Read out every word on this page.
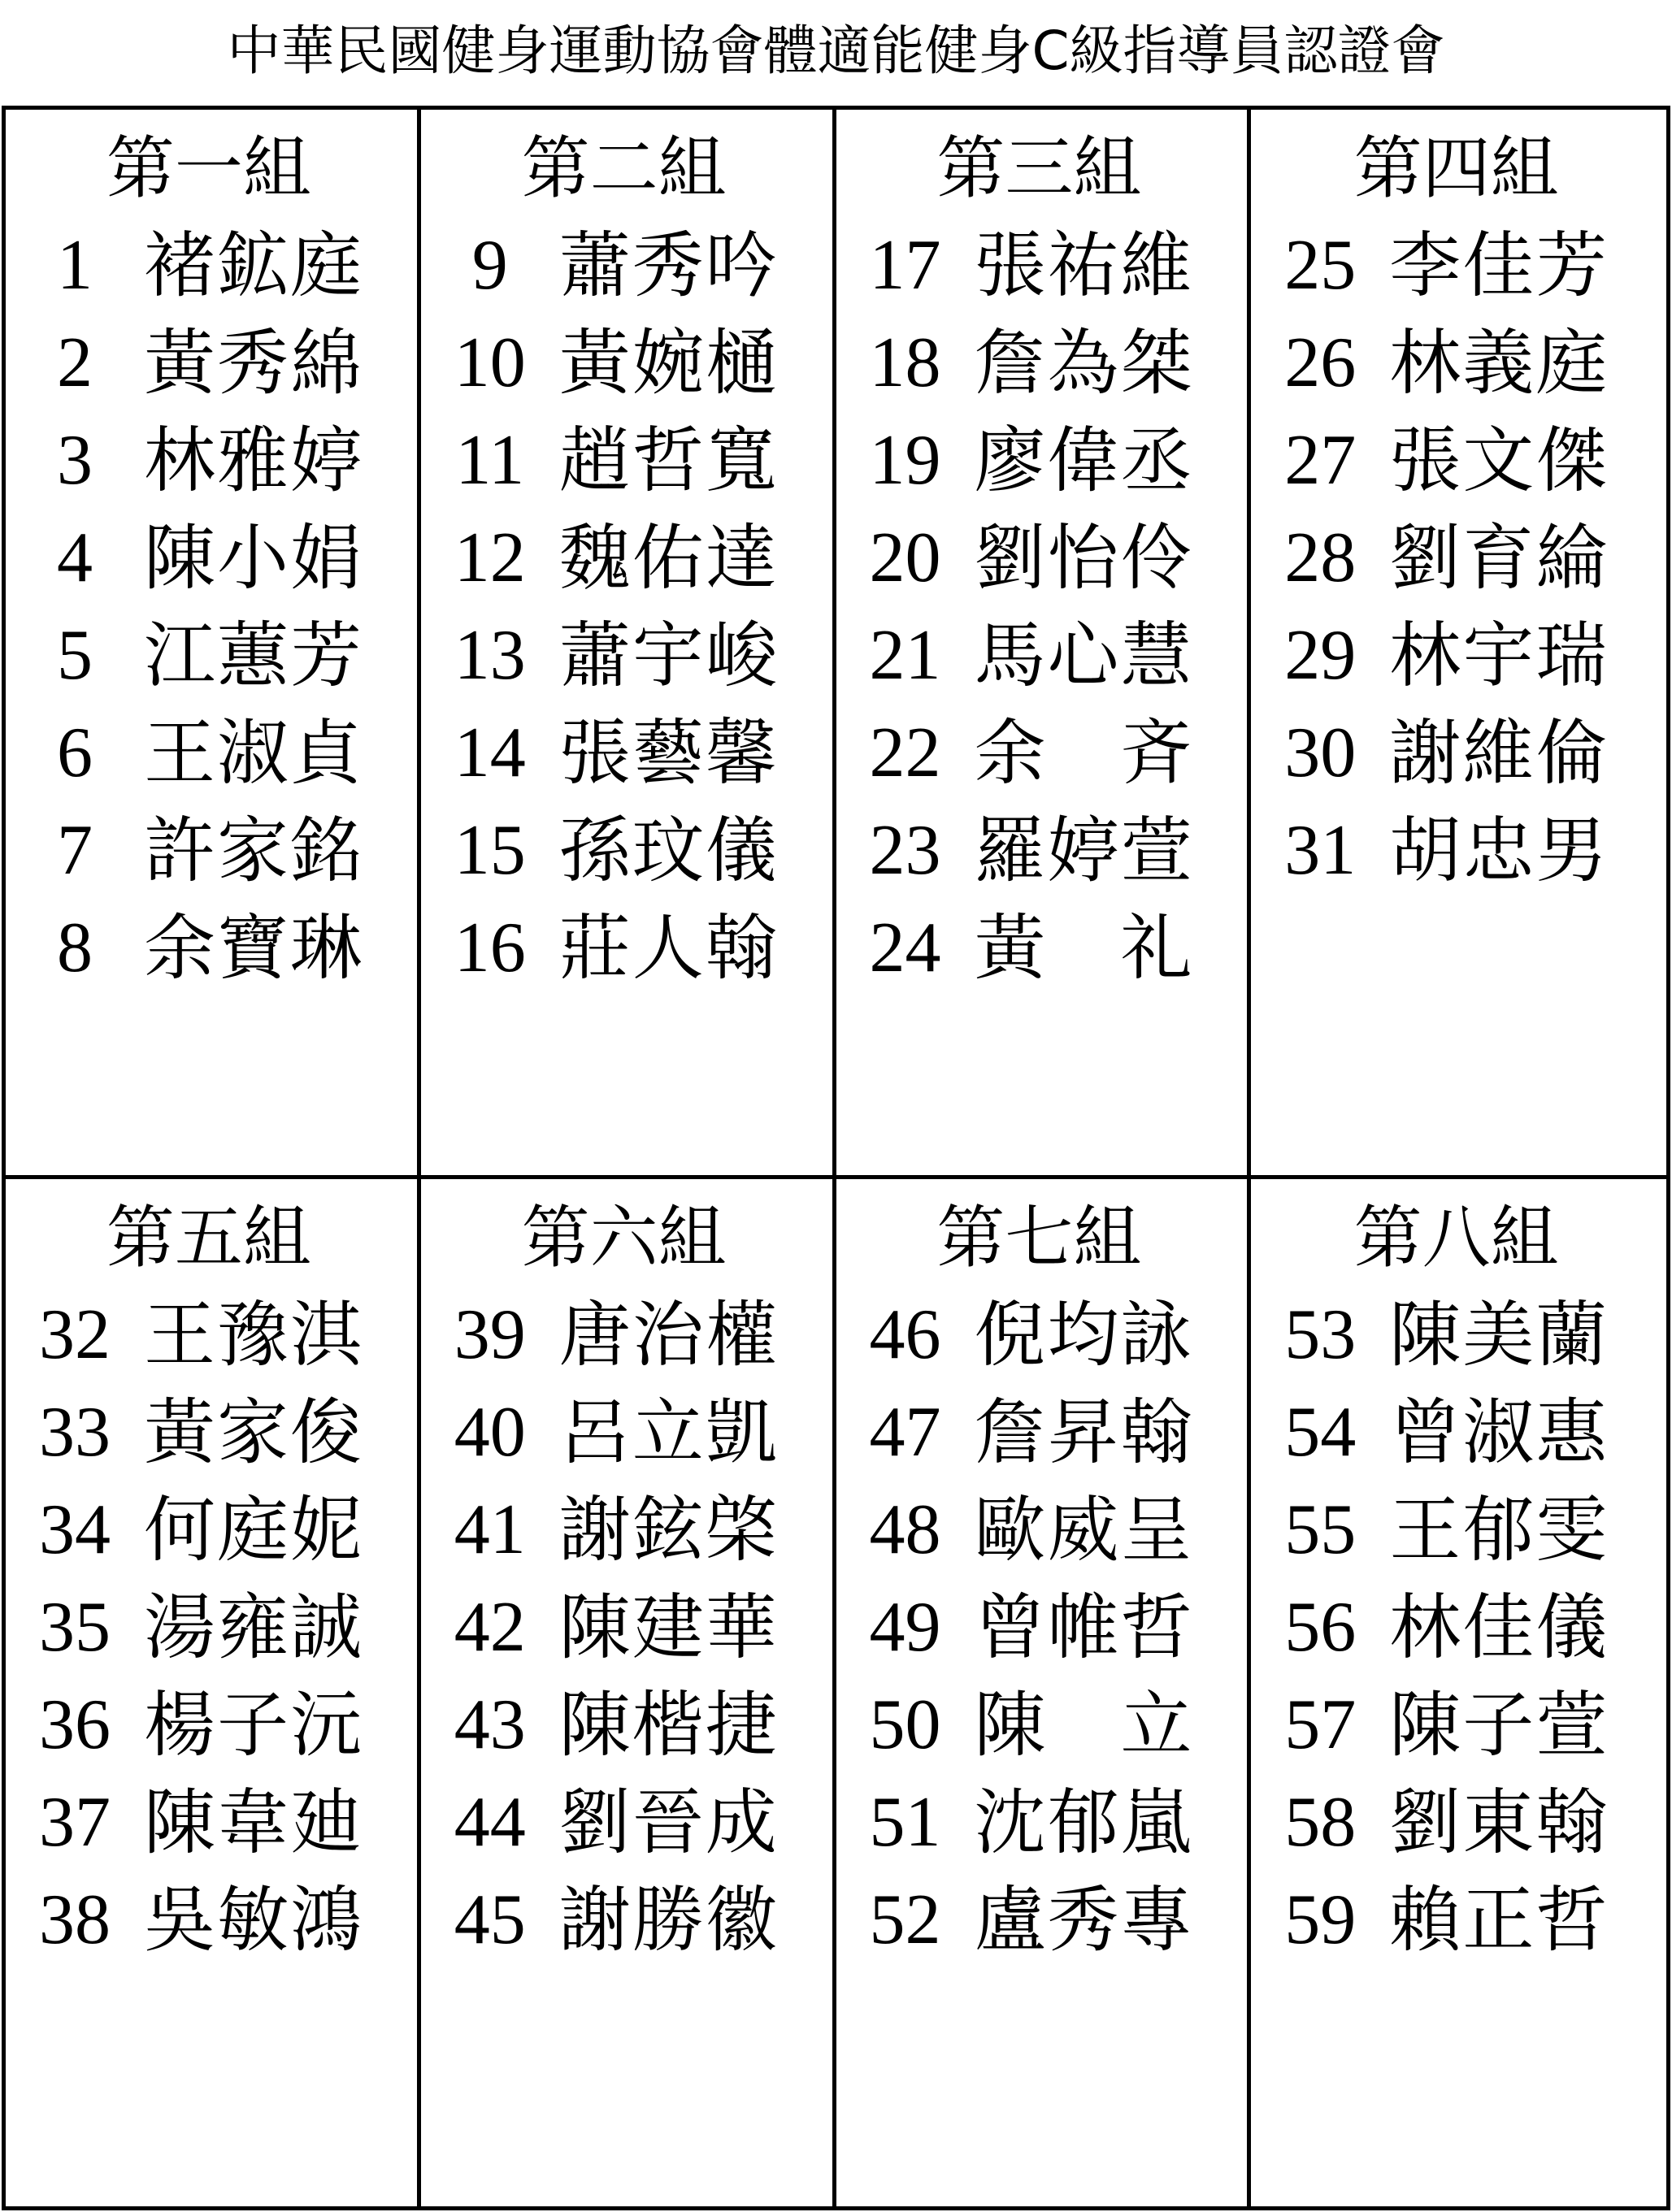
中華民國健身運動協會體適能健身C級指導員認證會
第一組
1 褚鉱庭
2 黃秀綿
3 林雅婷
4 陳小娟
5 江蕙芳
6 王淑貞
7 許家銘
8 余寶琳
第二組
9 蕭秀吟
10 黃婉樋
11 趙哲寬
12 魏佑達
13 蕭宇峻
14 張藝馨
15 孫玟儀
16 莊人翰
第三組
17 張祐維
18 詹為桀
19 廖偉丞
20 劉怡伶
21 馬心慧
22 余　斉
23 羅婷萱
24 黃　礼
第四組
25 李佳芳
26 林義庭
27 張文傑
28 劉育綸
29 林宇瑞
30 謝維倫
31 胡忠男
第五組
32 王豫淇
33 黃家俊
34 何庭妮
35 湯雍誠
36 楊子沅
37 陳韋廸
38 吳敏鴻
第六組
39 唐治權
40 呂立凱
41 謝鉉棨
42 陳建華
43 陳楷捷
44 劉晉成
45 謝勝徽
第七組
46 倪均詠
47 詹昇翰
48 歐威呈
49 曾帷哲
50 陳　立
51 沈郁嵐
52 盧秀專
第八組
53 陳美蘭
54 曾淑惠
55 王郁雯
56 林佳儀
57 陳子萱
58 劉東翰
59 賴正哲
